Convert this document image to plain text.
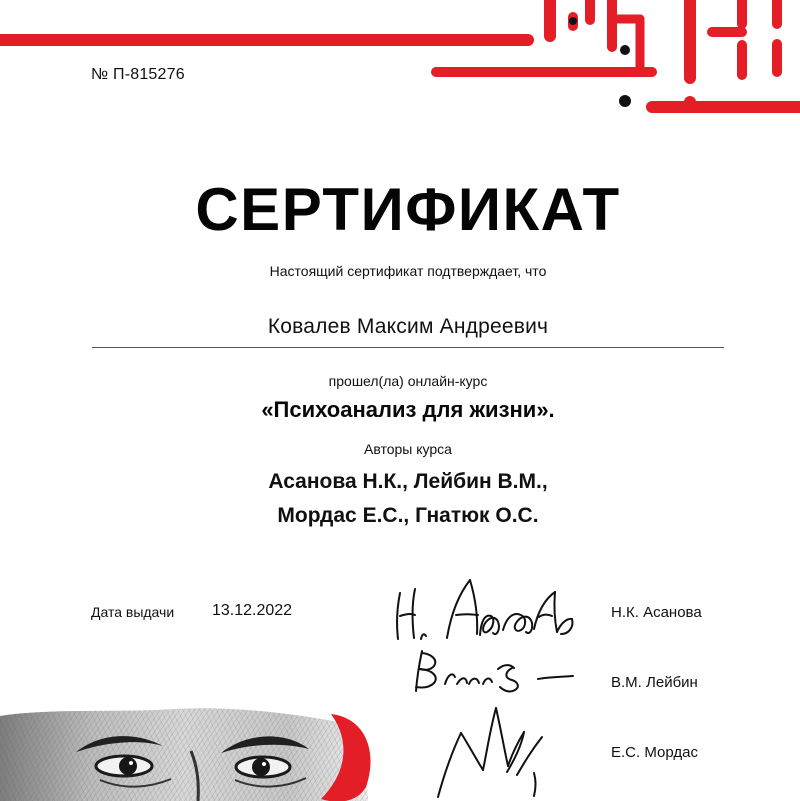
№ П-815276

СЕРТИФИКАТ

Настоящий сертификат подтверждает, что

Ковалев Максим Андреевич

прошел(ла) онлайн-курс

«Психоанализ для жизни».

Авторы курса

Асанова Н.К., Лейбин В.М.,

Мордас Е.С., Гнатюк О.С.

Дата выдачи 13.12.2022	Н.К. Асанова

В.М. Лейбин

Е.С. Мордас
